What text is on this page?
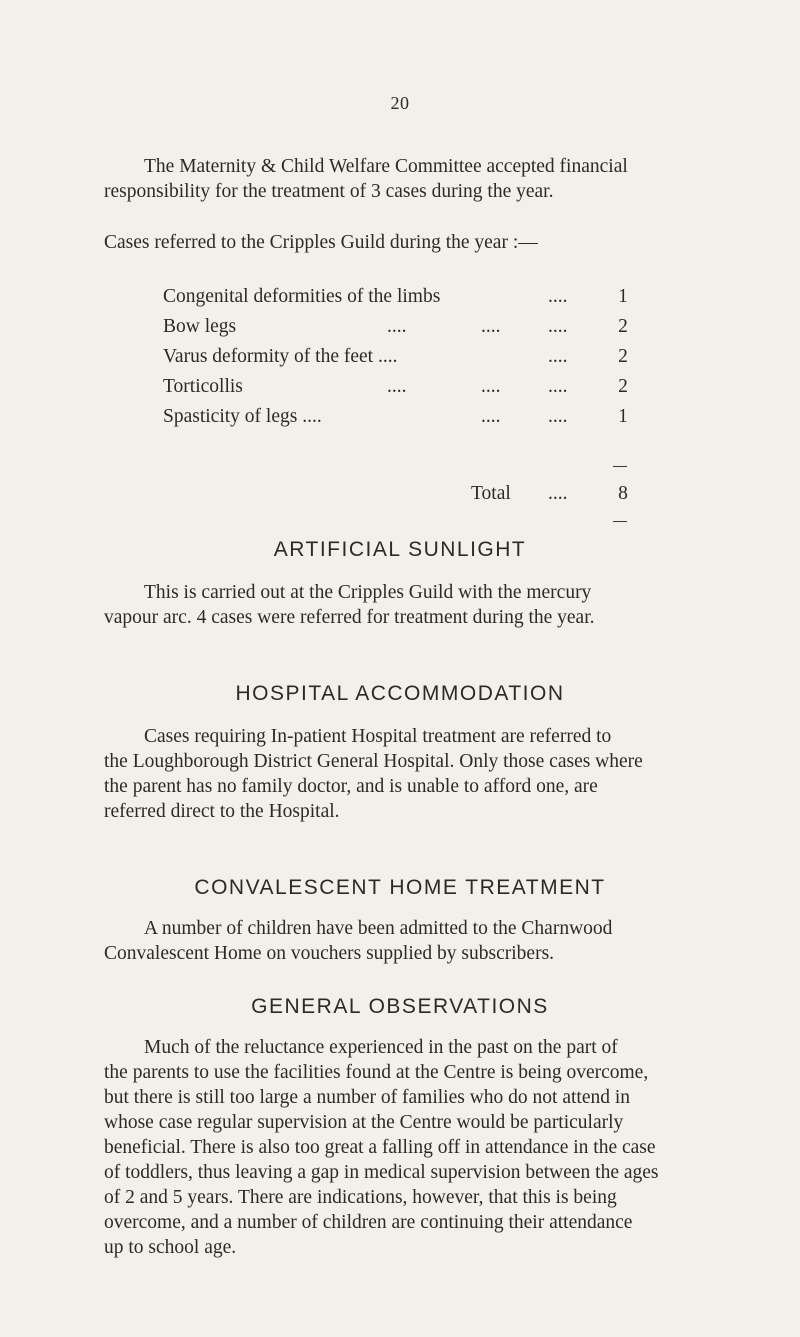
20
The Maternity & Child Welfare Committee accepted financial
responsibility for the treatment of 3 cases during the year.
Cases referred to the Cripples Guild during the year :—
Congenital deformities of the limbs	....	1
Bow legs	....	.... ....	2
Varus deformity of the feet ....	....	2
Torticollis	....	.... ....	2
Spasticity of legs ....	.... ....	1
Total ....	8
ARTIFICIAL SUNLIGHT
This is carried out at the Cripples Guild with the mercury
vapour arc. 4 cases were referred for treatment during the year.
HOSPITAL ACCOMMODATION
Cases requiring In-patient Hospital treatment are referred to
the Loughborough District General Hospital. Only those cases where
the parent has no family doctor, and is unable to afford one, are
referred direct to the Hospital.
CONVALESCENT HOME TREATMENT
A number of children have been admitted to the Charnwood
Convalescent Home on vouchers supplied by subscribers.
GENERAL OBSERVATIONS
Much of the reluctance experienced in the past on the part of
the parents to use the facilities found at the Centre is being overcome,
but there is still too large a number of families who do not attend in
whose case regular supervision at the Centre would be particularly
beneficial. There is also too great a falling off in attendance in the case
of toddlers, thus leaving a gap in medical supervision between the ages
of 2 and 5 years. There are indications, however, that this is being
overcome, and a number of children are continuing their attendance
up to school age.
